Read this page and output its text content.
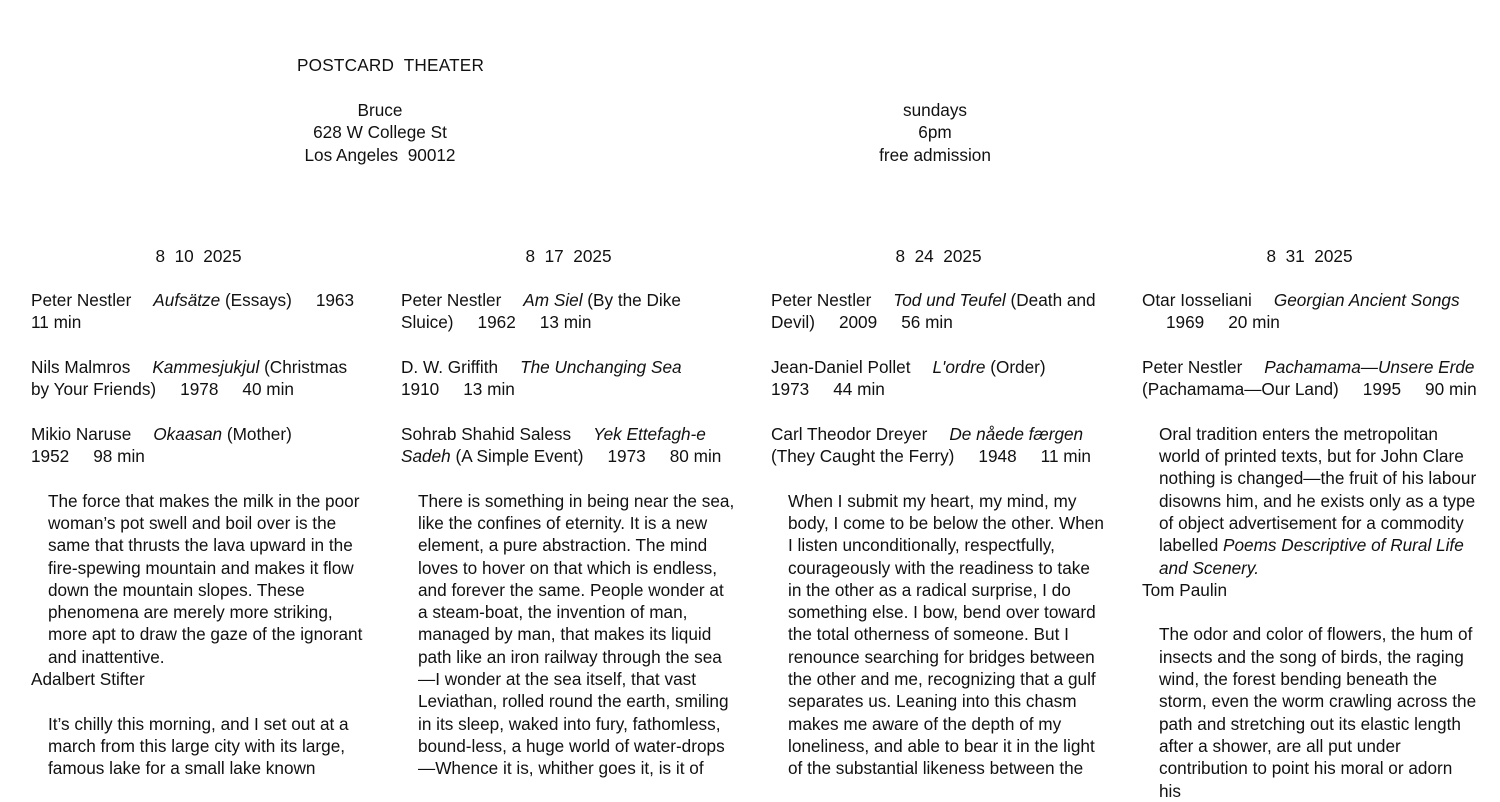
POSTCARD  THEATER
Bruce
628 W College St
Los Angeles  90012
sundays
6pm
free admission
8  10  2025
Peter Nestler Aufsätze (Essays) 1963
11 min
Nils Malmros Kammesjukjul (Christmas by Your Friends) 1978 40 min
Mikio Naruse Okaasan (Mother)
1952 98 min
The force that makes the milk in the poor woman’s pot swell and boil over is the same that thrusts the lava upward in the fire-spewing mountain and makes it flow down the mountain slopes. These phenomena are merely more striking, more apt to draw the gaze of the ignorant and inattentive.
Adalbert Stifter
It’s chilly this morning, and I set out at a march from this large city with its large, famous lake for a small lake known
8  17  2025
Peter Nestler Am Siel (By the Dike Sluice) 1962 13 min
D. W. Griffith The Unchanging Sea
1910 13 min
Sohrab Shahid Saless Yek Ettefagh-e Sadeh (A Simple Event) 1973 80 min
There is something in being near the sea, like the confines of eternity. It is a new element, a pure abstraction. The mind loves to hover on that which is endless, and forever the same. People wonder at a steam-boat, the invention of man, managed by man, that makes its liquid path like an iron railway through the sea—I wonder at the sea itself, that vast Leviathan, rolled round the earth, smiling in its sleep, waked into fury, fathomless, bound-less, a huge world of water-drops —Whence it is, whither goes it, is it of
8  24  2025
Peter Nestler Tod und Teufel (Death and Devil) 2009 56 min
Jean-Daniel Pollet L'ordre (Order)
1973 44 min
Carl Theodor Dreyer De nåede færgen (They Caught the Ferry) 1948 11 min
When I submit my heart, my mind, my body, I come to be below the other. When I listen unconditionally, respectfully, courageously with the readiness to take in the other as a radical surprise, I do something else. I bow, bend over toward the total otherness of someone. But I renounce searching for bridges between the other and me, recognizing that a gulf separates us. Leaning into this chasm makes me aware of the depth of my loneliness, and able to bear it in the light of the substantial likeness between the
8  31  2025
Otar Iosseliani Georgian Ancient Songs1969 20 min
Peter Nestler Pachamama—Unsere Erde (Pachamama—Our Land) 1995 90 min
Oral tradition enters the metropolitan world of printed texts, but for John Clare nothing is changed—the fruit of his labour disowns him, and he exists only as a type of object advertisement for a commodity labelled Poems Descriptive of Rural Life and Scenery.
Tom Paulin
The odor and color of flowers, the hum of insects and the song of birds, the raging wind, the forest bending beneath the storm, even the worm crawling across the path and stretching out its elastic length after a shower, are all put under contribution to point his moral or adorn his
